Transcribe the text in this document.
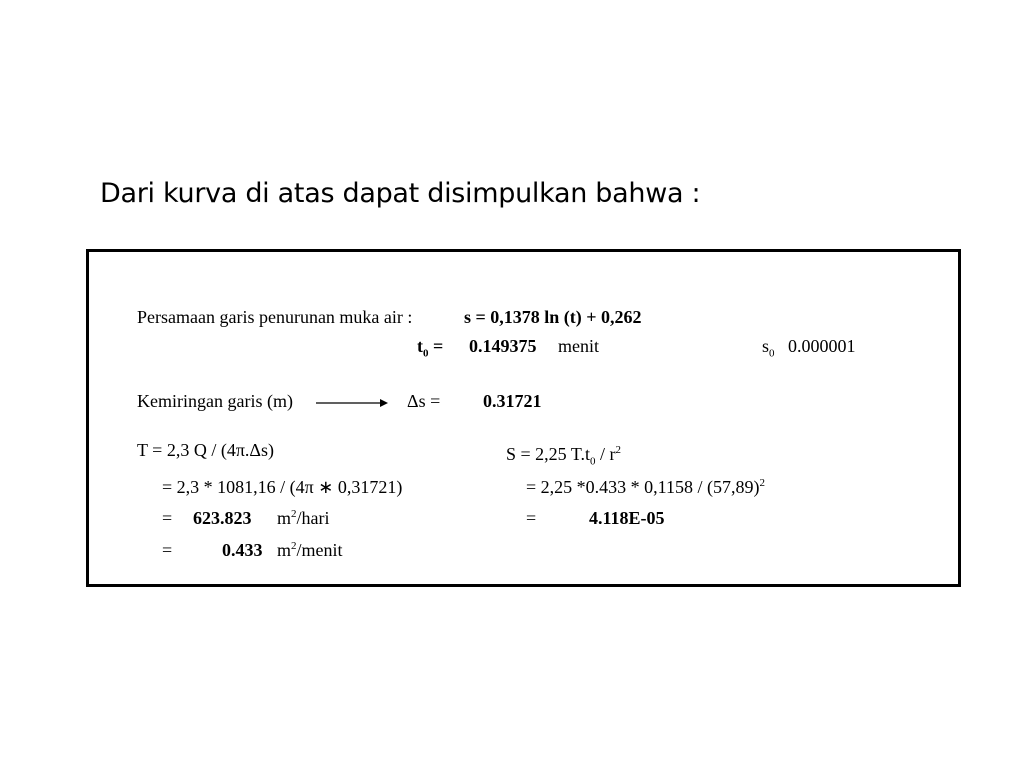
Dari kurva di atas dapat disimpulkan bahwa :
Persamaan garis penurunan muka air :	s = 0,1378 ln (t) + 0,262
$t_0 = 0.149375$ menit	$s_0$ 0.000001
Kemiringan garis (m)	Δs = 0.31721
T = 2,3 Q / (4π.Δs)
= 2,3 * 1081,16 / (4π ∗ 0,31721)
= 623.823 $m^2$/hari
=	0.433 $m^2$/menit
S = 2,25 $T.t_0 / r^2$
= 2,25 $*0.433 * 0,1158 / (57,89)^2$
=	4.118E-05
